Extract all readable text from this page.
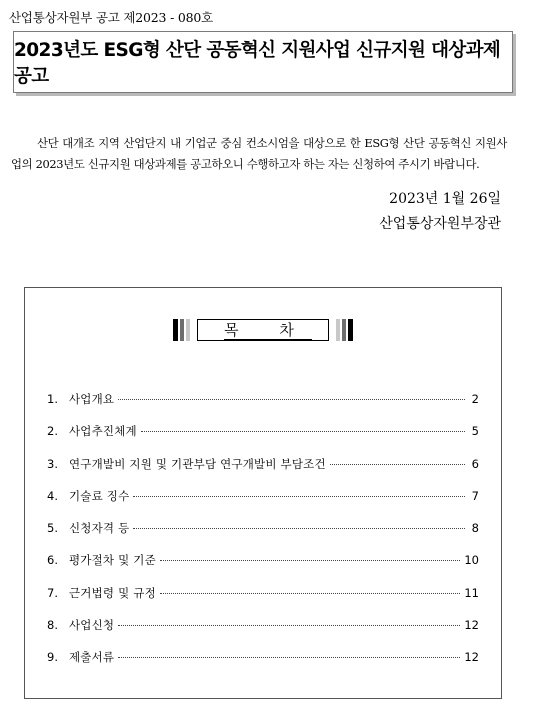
산업통상자원부 공고 제2023 - 080호
2023년도 ESG형 산단 공동혁신 지원사업 신규지원 대상과제 공고

산단 대개조 지역 산업단지 내 기업군 중심 컨소시엄을 대상으로 한 ESG형 산단 공동혁신 지원사업의 2023년도 신규지원 대상과제를 공고하오니 수행하고자 하는 자는 신청하여 주시기 바랍니다.

2023년 1월 26일
산업통상자원부장관
목 차
1. 사업개요	2
2. 사업추진체계	5
3. 연구개발비 지원 및 기관부담 연구개발비 부담조건	6
4. 기술료 징수	7
5. 신청자격 등	8
6. 평가절차 및 기준	10
7. 근거법령 및 규정	11
8. 사업신청	12
9. 제출서류	12
